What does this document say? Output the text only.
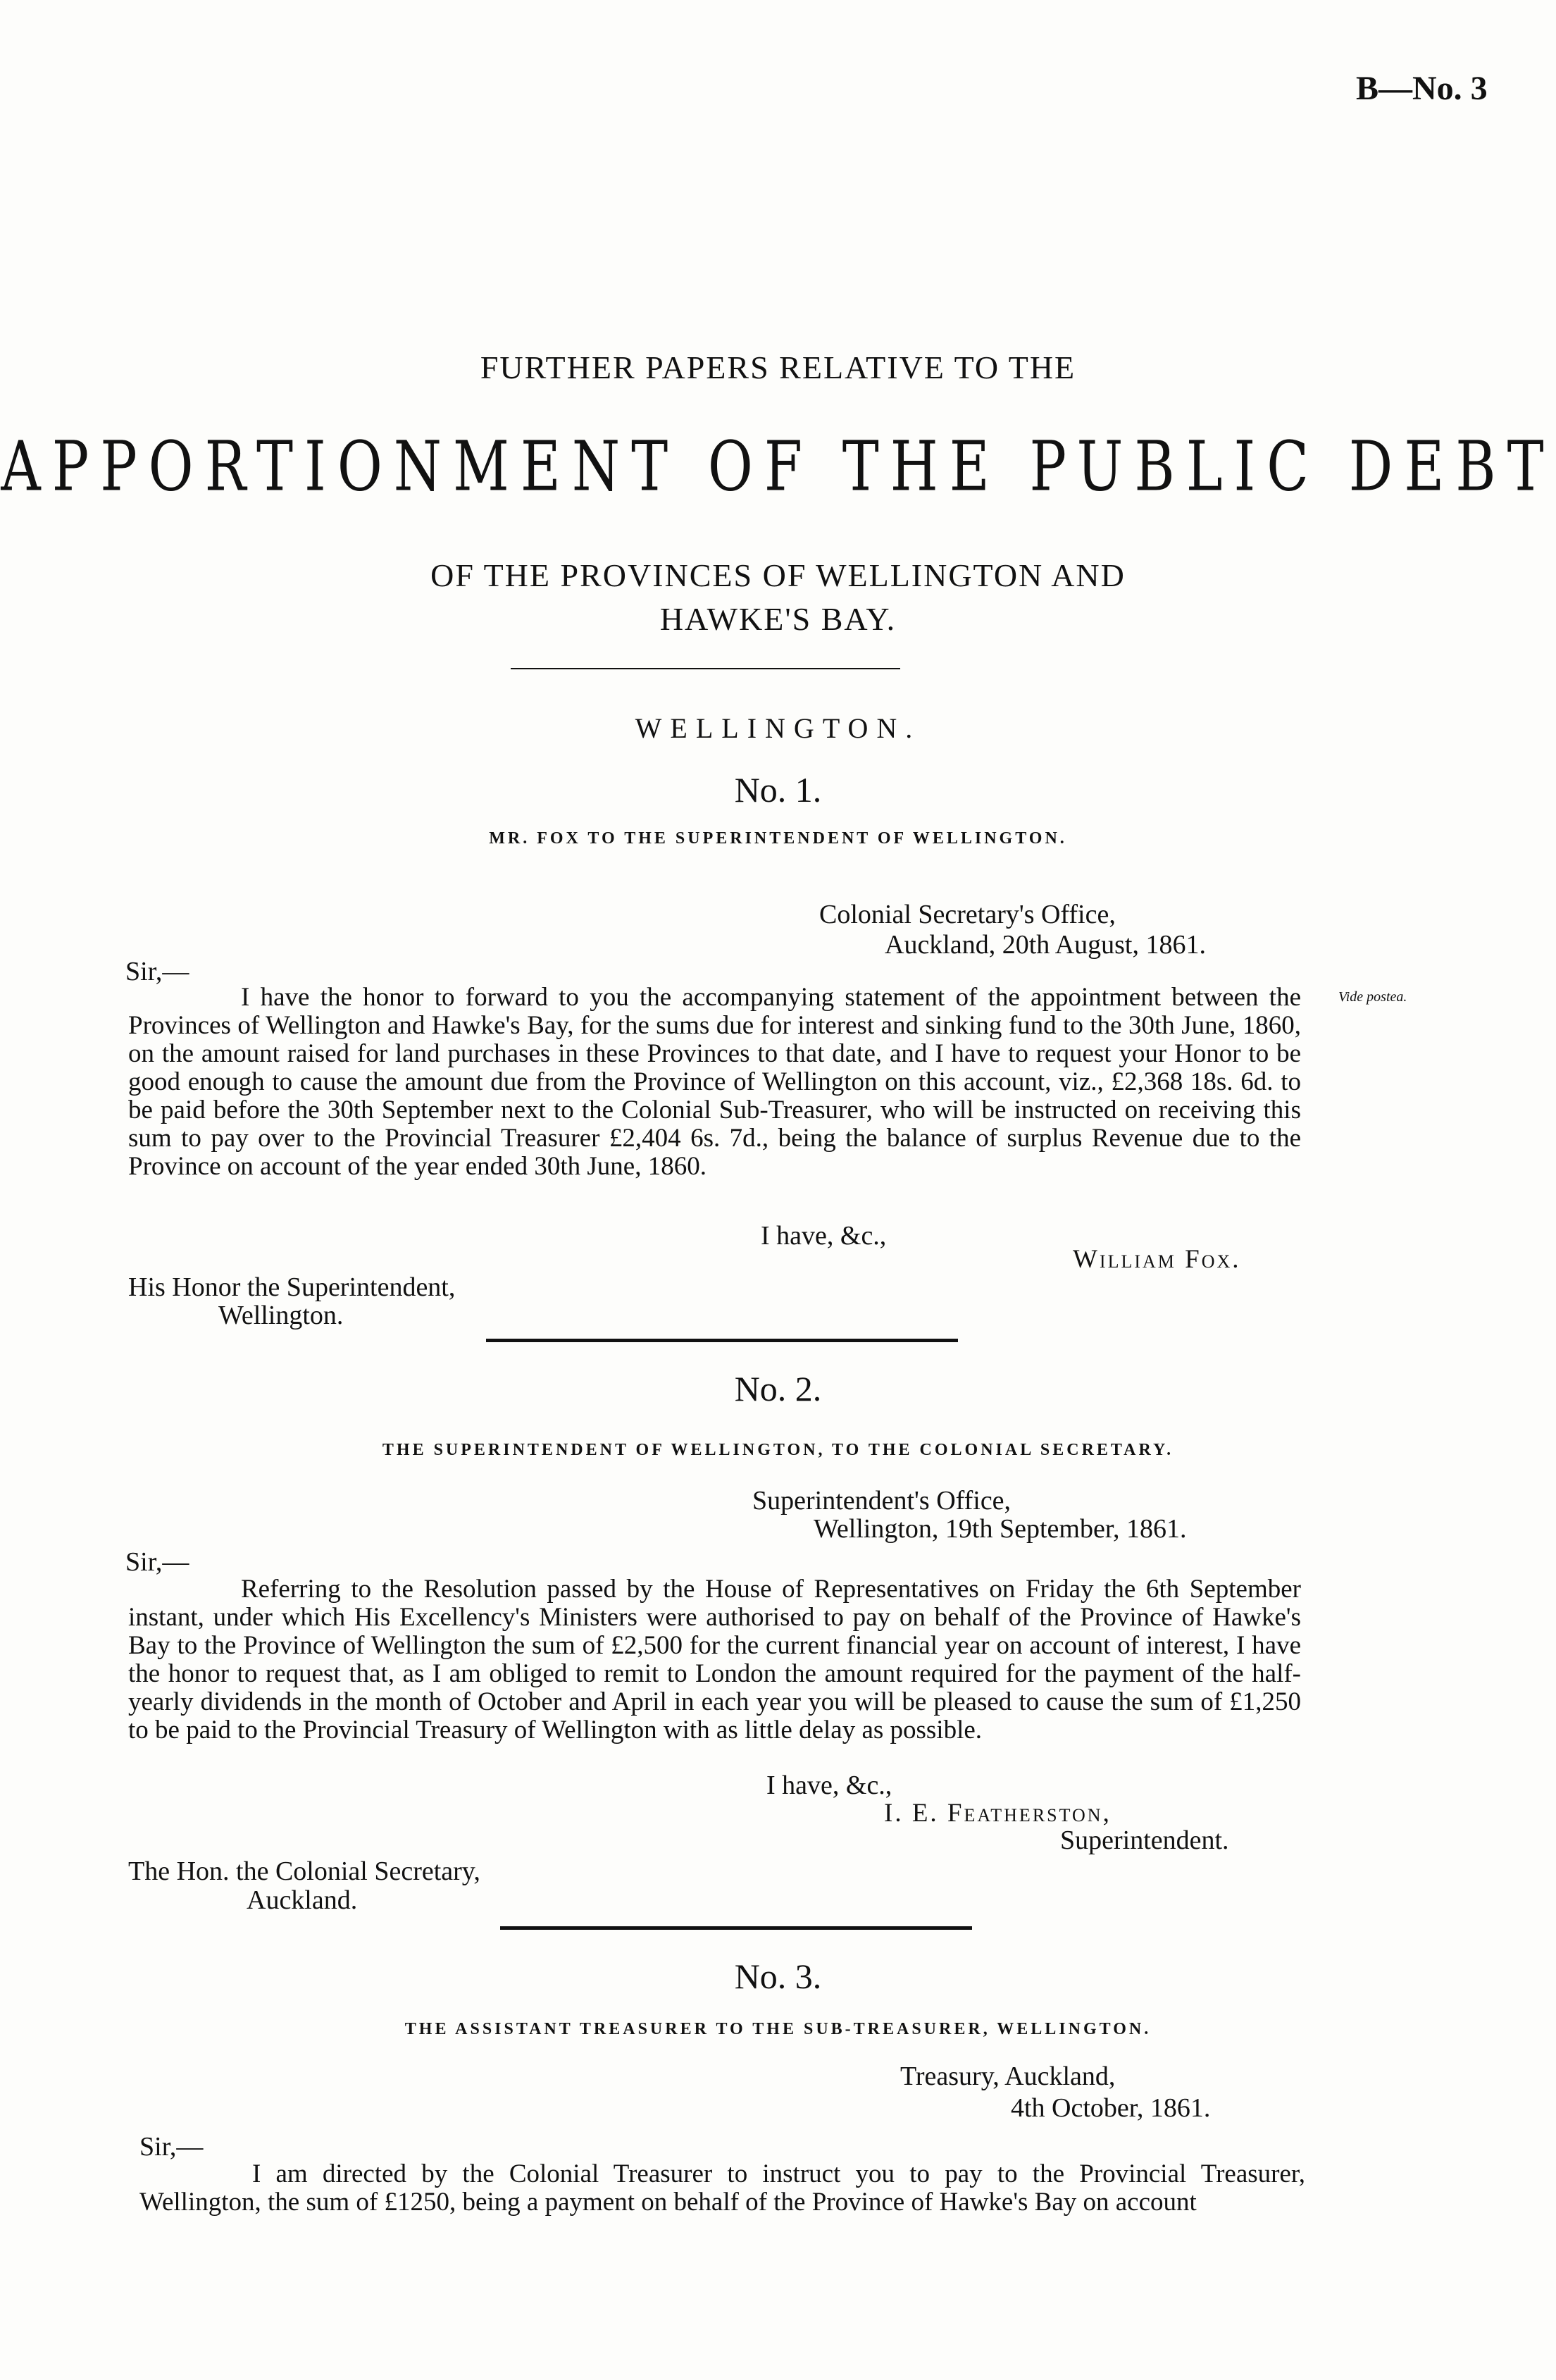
B—No. 3
FURTHER PAPERS RELATIVE TO THE
APPORTIONMENT OF THE PUBLIC DEBT
OF THE PROVINCES OF WELLINGTON AND
HAWKE'S BAY.
WELLINGTON.
No. 1.
MR. FOX TO THE SUPERINTENDENT OF WELLINGTON.
Colonial Secretary's Office,
Auckland, 20th August, 1861.
Sir,—
I have the honor to forward to you the accompanying statement of the appointment between the Provinces of Wellington and Hawke's Bay, for the sums due for interest and sinking fund to the 30th June, 1860, on the amount raised for land purchases in these Provinces to that date, and I have to request your Honor to be good enough to cause the amount due from the Province of Wellington on this account, viz., £2,368 18s. 6d. to be paid before the 30th September next to the Colonial Sub-Treasurer, who will be instructed on receiving this sum to pay over to the Provincial Treasurer £2,404 6s. 7d., being the balance of surplus Revenue due to the Province on account of the year ended 30th June, 1860.
Vide postea.
I have, &c.,
William Fox.
His Honor the Superintendent,
Wellington.
No. 2.
THE SUPERINTENDENT OF WELLINGTON, TO THE COLONIAL SECRETARY.
Superintendent's Office,
Wellington, 19th September, 1861.
Sir,—
Referring to the Resolution passed by the House of Representatives on Friday the 6th September instant, under which His Excellency's Ministers were authorised to pay on behalf of the Province of Hawke's Bay to the Province of Wellington the sum of £2,500 for the current financial year on account of interest, I have the honor to request that, as I am obliged to remit to London the amount required for the payment of the half-yearly dividends in the month of October and April in each year you will be pleased to cause the sum of £1,250 to be paid to the Provincial Treasury of Wellington with as little delay as possible.
I have, &c.,
I. E. Featherston,
Superintendent.
The Hon. the Colonial Secretary,
Auckland.
No. 3.
THE ASSISTANT TREASURER TO THE SUB-TREASURER, WELLINGTON.
Treasury, Auckland,
4th October, 1861.
Sir,—
I am directed by the Colonial Treasurer to instruct you to pay to the Provincial Treasurer, Wellington, the sum of £1250, being a payment on behalf of the Province of Hawke's Bay on account
